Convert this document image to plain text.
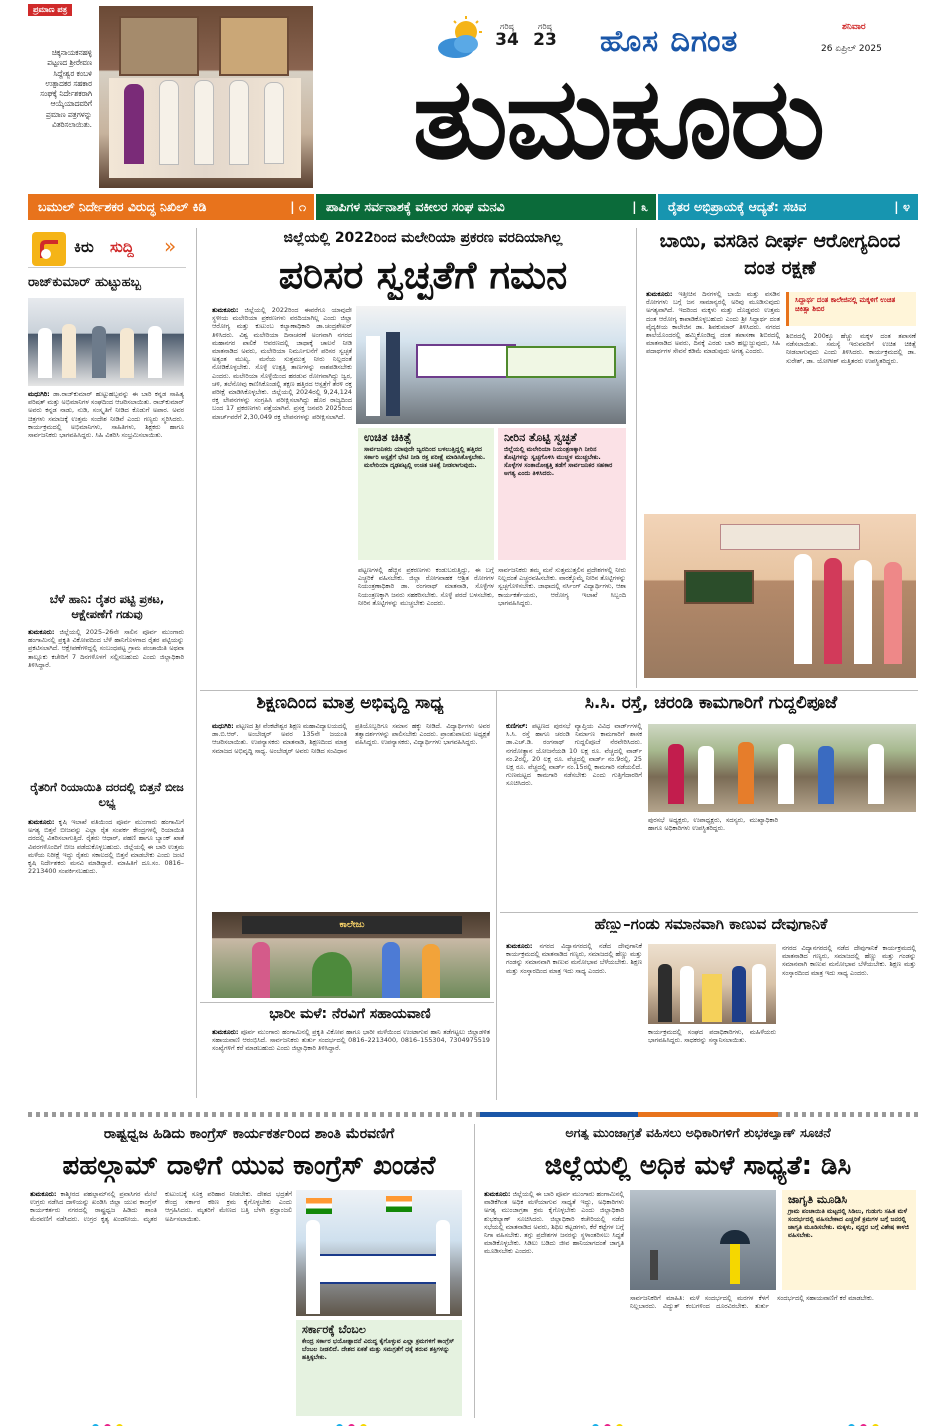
ಪ್ರಮಾಣ ಪತ್ರ
ಚಿಕ್ಕನಾಯಕನಹಳ್ಳಿ ಪಟ್ಟಣದ ಶ್ರೀರೇವಣ ಸಿದ್ದೇಶ್ವರ ಕಂಬಳಿ ಉತ್ಪಾದಕರ ಸಹಕಾರ ಸಂಘಕ್ಕೆ ನಿರ್ದೇಶಕರಾಗಿ ಆಯ್ಕೆಯಾದವರಿಗೆ ಪ್ರಮಾಣ ಪತ್ರಗಳನ್ನು ವಿತರಿಸಲಾಯಿತು.
ಗರಿಷ್ಠ
34
ಗರಿಷ್ಠ
23 ಹೊಸ ದಿಗಂತ	ಶನಿವಾರ
26 ಏಪ್ರಿಲ್ 2025
ತುಮಕೂರು
ಬಮುಲ್ ನಿರ್ದೇಶಕರ ವಿರುದ್ಧ ನಿಖಿಲ್ ಕಿಡಿ	| ೧	ಪಾಪಿಗಳ ಸರ್ವನಾಶಕ್ಕೆ ವಕೀಲರ ಸಂಘ ಮನವಿ	| ೩	ರೈತರ ಅಭಿಪ್ರಾಯಕ್ಕೆ ಆದ್ಯತೆ: ಸಚಿವ	| ೪
ಕಿರು ಸುದ್ದಿ »
ರಾಜ್‌ಕುಮಾರ್ ಹುಟ್ಟುಹಬ್ಬ
ಮಧುಗಿರಿ: ಡಾ.ರಾಜ್‌ಕುಮಾರ್ ಹುಟ್ಟುಹಬ್ಬವನ್ನು ಈ ಬಾರಿ ಕನ್ನಡ ಸಾಹಿತ್ಯ ಪರಿಷತ್ ಮತ್ತು ಅಭಿಮಾನಿಗಳ ಸಂಘದಿಂದ ಆಚರಿಸಲಾಯಿತು. ರಾಜ್‌ಕುಮಾರ್ ಅವರು ಕನ್ನಡ ನಾಡು, ನುಡಿ, ಸಂಸ್ಕೃತಿಗೆ ನೀಡಿದ ಕೊಡುಗೆ ಅಪಾರ. ಅವರ ಚಿತ್ರಗಳು ಸಮಾಜಕ್ಕೆ ಉತ್ತಮ ಸಂದೇಶ ನೀಡಿವೆ ಎಂದು ಗಣ್ಯರು ಸ್ಮರಿಸಿದರು. ಕಾರ್ಯಕ್ರಮದಲ್ಲಿ ಅಭಿಮಾನಿಗಳು, ಸಾಹಿತಿಗಳು, ಶಿಕ್ಷಕರು ಹಾಗೂ ಸಾರ್ವಜನಿಕರು ಭಾಗವಹಿಸಿದ್ದರು. ಸಿಹಿ ವಿತರಿಸಿ ಸಂಭ್ರಮಿಸಲಾಯಿತು.
ಬೆಳೆ ಹಾನಿ: ರೈತರ ಪಟ್ಟಿ ಪ್ರಕಟ, ಆಕ್ಷೇಪಣೆಗೆ ಗಡುವು
ತುಮಕೂರು: ಜಿಲ್ಲೆಯಲ್ಲಿ 2025–26ನೇ ಸಾಲಿನ ಪೂರ್ವ ಮುಂಗಾರು ಹಂಗಾಮಿನಲ್ಲಿ ಪ್ರಕೃತಿ ವಿಕೋಪದಿಂದ ಬೆಳೆ ಹಾನಿಗೊಳಗಾದ ರೈತರ ಪಟ್ಟಿಯನ್ನು ಪ್ರಕಟಿಸಲಾಗಿದೆ. ಆಕ್ಷೇಪಣೆಗಳಿದ್ದಲ್ಲಿ ಸಂಬಂಧಪಟ್ಟ ಗ್ರಾಮ ಪಂಚಾಯಿತಿ ಅಥವಾ ತಾಲ್ಲೂಕು ಕಚೇರಿಗೆ 7 ದಿನಗಳೊಳಗೆ ಸಲ್ಲಿಸಬಹುದು ಎಂದು ಜಿಲ್ಲಾಧಿಕಾರಿ ತಿಳಿಸಿದ್ದಾರೆ.
ರೈತರಿಗೆ ರಿಯಾಯಿತಿ ದರದಲ್ಲಿ ಬಿತ್ತನೆ ಬೀಜ ಲಭ್ಯ
ತುಮಕೂರು: ಕೃಷಿ ಇಲಾಖೆ ವತಿಯಿಂದ ಪೂರ್ವ ಮುಂಗಾರು ಹಂಗಾಮಿಗೆ ಅಗತ್ಯ ಬಿತ್ತನೆ ಬೀಜವನ್ನು ಎಲ್ಲಾ ರೈತ ಸಂಪರ್ಕ ಕೇಂದ್ರಗಳಲ್ಲಿ ರಿಯಾಯಿತಿ ದರದಲ್ಲಿ ವಿತರಿಸಲಾಗುತ್ತಿದೆ. ರೈತರು ಆಧಾರ್, ಪಹಣಿ ಹಾಗೂ ಬ್ಯಾಂಕ್ ಖಾತೆ ವಿವರಗಳೊಂದಿಗೆ ಬೀಜ ಪಡೆದುಕೊಳ್ಳಬಹುದು. ಜಿಲ್ಲೆಯಲ್ಲಿ ಈ ಬಾರಿ ಉತ್ತಮ ಮಳೆಯ ನಿರೀಕ್ಷೆ ಇದ್ದು ರೈತರು ಸಕಾಲದಲ್ಲಿ ಬಿತ್ತನೆ ಮಾಡಬೇಕು ಎಂದು ಜಂಟಿ ಕೃಷಿ ನಿರ್ದೇಶಕರು ಮನವಿ ಮಾಡಿದ್ದಾರೆ. ಮಾಹಿತಿಗೆ ದೂ.ಸಂ. 0816–2213400 ಸಂಪರ್ಕಿಸಬಹುದು.
ಜಿಲ್ಲೆಯಲ್ಲಿ 2022ರಿಂದ ಮಲೇರಿಯಾ ಪ್ರಕರಣ ವರದಿಯಾಗಿಲ್ಲ
ಪರಿಸರ ಸ್ವಚ್ಛತೆಗೆ ಗಮನ
ತುಮಕೂರು: ಜಿಲ್ಲೆಯಲ್ಲಿ 2022ರಿಂದ ಈವರೆಗೂ ಯಾವುದೇ ಸ್ಥಳೀಯ ಮಲೇರಿಯಾ ಪ್ರಕರಣಗಳು ವರದಿಯಾಗಿಲ್ಲ ಎಂದು ಜಿಲ್ಲಾ ಆರೋಗ್ಯ ಮತ್ತು ಕುಟುಂಬ ಕಲ್ಯಾಣಾಧಿಕಾರಿ ಡಾ.ಚಂದ್ರಶೇಖರ್ ತಿಳಿಸಿದರು. ವಿಶ್ವ ಮಲೇರಿಯಾ ದಿನಾಚರಣೆ ಅಂಗವಾಗಿ ನಗರದ ಮಹಾನಗರ ಪಾಲಿಕೆ ಆವರಣದಲ್ಲಿ ಜಾಥಾಕ್ಕೆ ಚಾಲನೆ ನೀಡಿ ಮಾತನಾಡಿದ ಅವರು, ಮಲೇರಿಯಾ ನಿರ್ಮೂಲನೆಗೆ ಪರಿಸರ ಸ್ವಚ್ಛತೆ ಅತ್ಯಂತ ಮುಖ್ಯ. ಮನೆಯ ಸುತ್ತಮುತ್ತ ನೀರು ನಿಲ್ಲದಂತೆ ನೋಡಿಕೊಳ್ಳಬೇಕು. ಸೊಳ್ಳೆ ಉತ್ಪತ್ತಿ ತಾಣಗಳನ್ನು ನಾಶಪಡಿಸಬೇಕು ಎಂದರು. ಮಲೇರಿಯಾ ಸೊಳ್ಳೆಯಿಂದ ಹರಡುವ ರೋಗವಾಗಿದ್ದು ಜ್ವರ, ಚಳಿ, ತಲೆನೋವು ಕಾಣಿಸಿಕೊಂಡಲ್ಲಿ ತಕ್ಷಣ ಹತ್ತಿರದ ಆಸ್ಪತ್ರೆಗೆ ತೆರಳಿ ರಕ್ತ ಪರೀಕ್ಷೆ ಮಾಡಿಸಿಕೊಳ್ಳಬೇಕು. ಜಿಲ್ಲೆಯಲ್ಲಿ 2024ರಲ್ಲಿ 9,24,124 ರಕ್ತ ಲೇಪನಗಳನ್ನು ಸಂಗ್ರಹಿಸಿ ಪರೀಕ್ಷಿಸಲಾಗಿದ್ದು ಹೊರ ರಾಜ್ಯದಿಂದ ಬಂದ 17 ಪ್ರಕರಣಗಳು ಪತ್ತೆಯಾಗಿವೆ. ಪ್ರಸಕ್ತ ಜನವರಿ 2025ರಿಂದ ಮಾರ್ಚ್‌ವರೆಗೆ 2,30,049 ರಕ್ತ ಲೇಪನಗಳನ್ನು ಪರೀಕ್ಷಿಸಲಾಗಿದೆ.
ಉಚಿತ ಚಿಕಿತ್ಸೆ
ಸಾರ್ವಜನಿಕರು ಯಾವುದೇ ಜ್ವರದಿಂದ ಬಳಲುತ್ತಿದ್ದಲ್ಲಿ ಹತ್ತಿರದ ಸರ್ಕಾರಿ ಆಸ್ಪತ್ರೆಗೆ ಭೇಟಿ ನೀಡಿ ರಕ್ತ ಪರೀಕ್ಷೆ ಮಾಡಿಸಿಕೊಳ್ಳಬೇಕು. ಮಲೇರಿಯಾ ದೃಢಪಟ್ಟಲ್ಲಿ ಉಚಿತ ಚಿಕಿತ್ಸೆ ನೀಡಲಾಗುವುದು.
ನೀರಿನ ತೊಟ್ಟಿ ಸ್ವಚ್ಛತೆ
ಜಿಲ್ಲೆಯಲ್ಲಿ ಮಲೇರಿಯಾ ನಿಯಂತ್ರಣಕ್ಕಾಗಿ ನೀರಿನ ತೊಟ್ಟಿಗಳನ್ನು ಸ್ವಚ್ಛಗೊಳಿಸಿ ಮುಚ್ಚಳ ಮುಚ್ಚಬೇಕು. ಸೊಳ್ಳೆಗಳ ಸಂತಾನೋತ್ಪತ್ತಿ ತಡೆಗೆ ಸಾರ್ವಜನಿಕರ ಸಹಕಾರ ಅಗತ್ಯ ಎಂದು ತಿಳಿಸಿದರು.
ಪಟ್ಟಣಗಳಲ್ಲಿ ಹೆಚ್ಚಿನ ಪ್ರಕರಣಗಳು ಕಂಡುಬರುತ್ತಿದ್ದು, ಈ ಬಗ್ಗೆ ಎಚ್ಚರಿಕೆ ವಹಿಸಬೇಕು. ಜಿಲ್ಲಾ ರೋಗವಾಹಕ ಆಶ್ರಿತ ರೋಗಗಳ ನಿಯಂತ್ರಣಾಧಿಕಾರಿ ಡಾ. ರಂಗನಾಥ್ ಮಾತನಾಡಿ, ಸೊಳ್ಳೆಗಳ ನಿಯಂತ್ರಣಕ್ಕಾಗಿ ಜನರು ಸಹಕರಿಸಬೇಕು. ಸೊಳ್ಳೆ ಪರದೆ ಬಳಸಬೇಕು, ನೀರಿನ ತೊಟ್ಟಿಗಳನ್ನು ಮುಚ್ಚಬೇಕು ಎಂದರು.
ಸಾರ್ವಜನಿಕರು ತಮ್ಮ ಮನೆ ಸುತ್ತಮುತ್ತಲಿನ ಪ್ರದೇಶಗಳಲ್ಲಿ ನೀರು ನಿಲ್ಲದಂತೆ ಎಚ್ಚರವಹಿಸಬೇಕು. ವಾರಕ್ಕೊಮ್ಮೆ ನೀರಿನ ತೊಟ್ಟಿಗಳನ್ನು ಸ್ವಚ್ಛಗೊಳಿಸಬೇಕು. ಜಾಥಾದಲ್ಲಿ ನರ್ಸಿಂಗ್ ವಿದ್ಯಾರ್ಥಿಗಳು, ಆಶಾ ಕಾರ್ಯಕರ್ತೆಯರು, ಆರೋಗ್ಯ ಇಲಾಖೆ ಸಿಬ್ಬಂದಿ ಭಾಗವಹಿಸಿದ್ದರು.
ಬಾಯಿ, ವಸಡಿನ ದೀರ್ಘ ಆರೋಗ್ಯದಿಂದ ದಂತ ರಕ್ಷಣೆ
ತುಮಕೂರು: ಇತ್ತೀಚಿನ ದಿನಗಳಲ್ಲಿ ಬಾಯಿ ಮತ್ತು ವಸಡಿನ ರೋಗಗಳು ಬಗ್ಗೆ ಜನ ಸಾಮಾನ್ಯರಲ್ಲಿ ಅರಿವು ಮೂಡಿಸುವುದು ಅಗತ್ಯವಾಗಿದೆ. ಇದರಿಂದ ಮಕ್ಕಳು ಮತ್ತು ದೊಡ್ಡವರು ಉತ್ತಮ ದಂತ ಆರೋಗ್ಯ ಕಾಪಾಡಿಕೊಳ್ಳಬಹುದು ಎಂದು ಶ್ರೀ ಸಿದ್ಧಾರ್ಥ ದಂತ ವೈದ್ಯಕೀಯ ಕಾಲೇಜಿನ ಡಾ. ಶಿವಕುಮಾರ್ ತಿಳಿಸಿದರು. ನಗರದ ಶಾಲೆಯೊಂದರಲ್ಲಿ ಹಮ್ಮಿಕೊಂಡಿದ್ದ ದಂತ ತಪಾಸಣಾ ಶಿಬಿರದಲ್ಲಿ ಮಾತನಾಡಿದ ಅವರು, ದಿನಕ್ಕೆ ಎರಡು ಬಾರಿ ಹಲ್ಲುಜ್ಜುವುದು, ಸಿಹಿ ಪದಾರ್ಥಗಳ ಸೇವನೆ ಕಡಿಮೆ ಮಾಡುವುದು ಅಗತ್ಯ ಎಂದರು.
ಸಿದ್ದಾರ್ಥ ದಂತ ಕಾಲೇಜಿನಲ್ಲಿ ಮಕ್ಕಳಿಗೆ ಉಚಿತ ಚಿಕಿತ್ಸಾ ಶಿಬಿರ
ಶಿಬಿರದಲ್ಲಿ 200ಕ್ಕೂ ಹೆಚ್ಚು ಮಕ್ಕಳ ದಂತ ತಪಾಸಣೆ ನಡೆಸಲಾಯಿತು. ಸಮಸ್ಯೆ ಇರುವವರಿಗೆ ಉಚಿತ ಚಿಕಿತ್ಸೆ ನೀಡಲಾಗುವುದು ಎಂದು ತಿಳಿಸಿದರು. ಕಾರ್ಯಕ್ರಮದಲ್ಲಿ ಡಾ. ಸುರೇಶ್, ಡಾ. ಯೋಗೀಶ್ ಮತ್ತಿತರರು ಉಪಸ್ಥಿತರಿದ್ದರು.
ಶಿಕ್ಷಣದಿಂದ ಮಾತ್ರ ಅಭಿವೃದ್ಧಿ ಸಾಧ್ಯ
ಮಧುಗಿರಿ: ಪಟ್ಟಣದ ಶ್ರೀ ವೆಂಕಟೇಶ್ವರ ಶಿಕ್ಷಣ ಮಹಾವಿದ್ಯಾಲಯದಲ್ಲಿ ಡಾ.ಬಿ.ಆರ್. ಅಂಬೇಡ್ಕರ್ ಅವರ 135ನೇ ಜಯಂತಿ ಆಚರಿಸಲಾಯಿತು. ಉಪನ್ಯಾಸಕರು ಮಾತನಾಡಿ, ಶಿಕ್ಷಣದಿಂದ ಮಾತ್ರ ಸಮಾಜದ ಅಭಿವೃದ್ಧಿ ಸಾಧ್ಯ. ಅಂಬೇಡ್ಕರ್ ಅವರು ನೀಡಿದ ಸಂವಿಧಾನ ಪ್ರತಿಯೊಬ್ಬರಿಗೂ ಸಮಾನ ಹಕ್ಕು ನೀಡಿದೆ. ವಿದ್ಯಾರ್ಥಿಗಳು ಅವರ ತತ್ವಾದರ್ಶಗಳನ್ನು ಪಾಲಿಸಬೇಕು ಎಂದರು. ಪ್ರಾಂಶುಪಾಲರು ಅಧ್ಯಕ್ಷತೆ ವಹಿಸಿದ್ದರು. ಉಪನ್ಯಾಸಕರು, ವಿದ್ಯಾರ್ಥಿಗಳು ಭಾಗವಹಿಸಿದ್ದರು.
ಕಾಲೇಜು
ಭಾರೀ ಮಳೆ: ನೆರವಿಗೆ ಸಹಾಯವಾಣಿ
ತುಮಕೂರು: ಪೂರ್ವ ಮುಂಗಾರು ಹಂಗಾಮಿನಲ್ಲಿ ಪ್ರಕೃತಿ ವಿಕೋಪ ಹಾಗೂ ಭಾರೀ ಮಳೆಯಿಂದ ಉಂಟಾಗುವ ಹಾನಿ ತಡೆಗಟ್ಟಲು ಜಿಲ್ಲಾಡಳಿತ ಸಹಾಯವಾಣಿ ಆರಂಭಿಸಿದೆ. ಸಾರ್ವಜನಿಕರು ತುರ್ತು ಸಂದರ್ಭದಲ್ಲಿ 0816–2213400, 0816–155304, 7304975519 ಸಂಖ್ಯೆಗಳಿಗೆ ಕರೆ ಮಾಡಬಹುದು ಎಂದು ಜಿಲ್ಲಾಧಿಕಾರಿ ತಿಳಿಸಿದ್ದಾರೆ.
ಸಿ.ಸಿ. ರಸ್ತೆ, ಚರಂಡಿ ಕಾಮಗಾರಿಗೆ ಗುದ್ದಲಿಪೂಜೆ
ಕುಣಿಗಲ್: ಪಟ್ಟಣದ ಪುರಸಭೆ ವ್ಯಾಪ್ತಿಯ ವಿವಿಧ ವಾರ್ಡ್‌ಗಳಲ್ಲಿ ಸಿ.ಸಿ. ರಸ್ತೆ ಹಾಗೂ ಚರಂಡಿ ನಿರ್ಮಾಣ ಕಾಮಗಾರಿಗೆ ಶಾಸಕ ಡಾ.ಎಚ್.ಡಿ. ರಂಗನಾಥ್ ಗುದ್ದಲಿಪೂಜೆ ನೆರವೇರಿಸಿದರು. ನಗರೋತ್ಥಾನ ಯೋಜನೆಯಡಿ 10 ಲಕ್ಷ ರೂ. ವೆಚ್ಚದಲ್ಲಿ ವಾರ್ಡ್ ನಂ.2ರಲ್ಲಿ, 20 ಲಕ್ಷ ರೂ. ವೆಚ್ಚದಲ್ಲಿ ವಾರ್ಡ್ ನಂ.9ರಲ್ಲಿ, 25 ಲಕ್ಷ ರೂ. ವೆಚ್ಚದಲ್ಲಿ ವಾರ್ಡ್ ನಂ.15ರಲ್ಲಿ ಕಾಮಗಾರಿ ನಡೆಯಲಿದೆ. ಗುಣಮಟ್ಟದ ಕಾಮಗಾರಿ ನಡೆಸಬೇಕು ಎಂದು ಗುತ್ತಿಗೆದಾರರಿಗೆ ಸೂಚಿಸಿದರು.
ಪುರಸಭೆ ಅಧ್ಯಕ್ಷರು, ಉಪಾಧ್ಯಕ್ಷರು, ಸದಸ್ಯರು, ಮುಖ್ಯಾಧಿಕಾರಿ ಹಾಗೂ ಅಧಿಕಾರಿಗಳು ಉಪಸ್ಥಿತರಿದ್ದರು.
ಹೆಣ್ಣು–ಗಂಡು ಸಮಾನವಾಗಿ ಕಾಣುವ ದೇವುಗಾನಿಕೆ
ತುಮಕೂರು: ನಗರದ ವಿದ್ಯಾನಗರದಲ್ಲಿ ನಡೆದ ದೇವುಗಾನಿಕೆ ಕಾರ್ಯಕ್ರಮದಲ್ಲಿ ಮಾತನಾಡಿದ ಗಣ್ಯರು, ಸಮಾಜದಲ್ಲಿ ಹೆಣ್ಣು ಮತ್ತು ಗಂಡನ್ನು ಸಮಾನವಾಗಿ ಕಾಣುವ ಮನೋಭಾವ ಬೆಳೆಯಬೇಕು. ಶಿಕ್ಷಣ ಮತ್ತು ಸಂಸ್ಕಾರದಿಂದ ಮಾತ್ರ ಇದು ಸಾಧ್ಯ ಎಂದರು.
ಕಾರ್ಯಕ್ರಮದಲ್ಲಿ ಸಂಘದ ಪದಾಧಿಕಾರಿಗಳು, ಮಹಿಳೆಯರು ಭಾಗವಹಿಸಿದ್ದರು. ಸಾಧಕರನ್ನು ಸನ್ಮಾನಿಸಲಾಯಿತು.
ನಗರದ ವಿದ್ಯಾನಗರದಲ್ಲಿ ನಡೆದ ದೇವುಗಾನಿಕೆ ಕಾರ್ಯಕ್ರಮದಲ್ಲಿ ಮಾತನಾಡಿದ ಗಣ್ಯರು, ಸಮಾಜದಲ್ಲಿ ಹೆಣ್ಣು ಮತ್ತು ಗಂಡನ್ನು ಸಮಾನವಾಗಿ ಕಾಣುವ ಮನೋಭಾವ ಬೆಳೆಯಬೇಕು. ಶಿಕ್ಷಣ ಮತ್ತು ಸಂಸ್ಕಾರದಿಂದ ಮಾತ್ರ ಇದು ಸಾಧ್ಯ ಎಂದರು.
ರಾಷ್ಟ್ರಧ್ವಜ ಹಿಡಿದು ಕಾಂಗ್ರೆಸ್ ಕಾರ್ಯಕರ್ತರಿಂದ ಶಾಂತಿ ಮೆರವಣಿಗೆ
ಪಹಲ್ಗಾಮ್ ದಾಳಿಗೆ ಯುವ ಕಾಂಗ್ರೆಸ್ ಖಂಡನೆ
ತುಮಕೂರು: ಕಾಶ್ಮೀರದ ಪಹಲ್ಗಾಮ್‌ನಲ್ಲಿ ಪ್ರವಾಸಿಗರ ಮೇಲೆ ಉಗ್ರರು ನಡೆಸಿದ ದಾಳಿಯನ್ನು ಖಂಡಿಸಿ ಜಿಲ್ಲಾ ಯುವ ಕಾಂಗ್ರೆಸ್ ಕಾರ್ಯಕರ್ತರು ನಗರದಲ್ಲಿ ರಾಷ್ಟ್ರಧ್ವಜ ಹಿಡಿದು ಶಾಂತಿ ಮೆರವಣಿಗೆ ನಡೆಸಿದರು. ಉಗ್ರರ ಕೃತ್ಯ ಖಂಡನೀಯ. ಮೃತರ ಕುಟುಂಬಕ್ಕೆ ಸೂಕ್ತ ಪರಿಹಾರ ನೀಡಬೇಕು. ದೇಶದ ಭದ್ರತೆಗೆ ಕೇಂದ್ರ ಸರ್ಕಾರ ಕಠಿಣ ಕ್ರಮ ಕೈಗೊಳ್ಳಬೇಕು ಎಂದು ಆಗ್ರಹಿಸಿದರು. ಮೃತರಿಗೆ ಮೇಣದ ಬತ್ತಿ ಬೆಳಗಿ ಶ್ರದ್ಧಾಂಜಲಿ ಅರ್ಪಿಸಲಾಯಿತು.
ಸರ್ಕಾರಕ್ಕೆ ಬೆಂಬಲ
ಕೇಂದ್ರ ಸರ್ಕಾರ ಭಯೋತ್ಪಾದನೆ ವಿರುದ್ಧ ಕೈಗೊಳ್ಳುವ ಎಲ್ಲಾ ಕ್ರಮಗಳಿಗೆ ಕಾಂಗ್ರೆಸ್ ಬೆಂಬಲ ನೀಡಲಿದೆ. ದೇಶದ ಏಕತೆ ಮತ್ತು ಸಮಗ್ರತೆಗೆ ಧಕ್ಕೆ ತರುವ ಶಕ್ತಿಗಳನ್ನು ಹತ್ತಿಕ್ಕಬೇಕು.
ಅಗತ್ಯ ಮುಂಜಾಗ್ರತೆ ವಹಿಸಲು ಅಧಿಕಾರಿಗಳಿಗೆ ಶುಭಕಲ್ಯಾಣ್ ಸೂಚನೆ
ಜಿಲ್ಲೆಯಲ್ಲಿ ಅಧಿಕ ಮಳೆ ಸಾಧ್ಯತೆ: ಡಿಸಿ
ತುಮಕೂರು: ಜಿಲ್ಲೆಯಲ್ಲಿ ಈ ಬಾರಿ ಪೂರ್ವ ಮುಂಗಾರು ಹಂಗಾಮಿನಲ್ಲಿ ವಾಡಿಕೆಗಿಂತ ಅಧಿಕ ಮಳೆಯಾಗುವ ಸಾಧ್ಯತೆ ಇದ್ದು, ಅಧಿಕಾರಿಗಳು ಅಗತ್ಯ ಮುಂಜಾಗ್ರತಾ ಕ್ರಮ ಕೈಗೊಳ್ಳಬೇಕು ಎಂದು ಜಿಲ್ಲಾಧಿಕಾರಿ ಶುಭಕಲ್ಯಾಣ್ ಸೂಚಿಸಿದರು. ಜಿಲ್ಲಾಧಿಕಾರಿ ಕಚೇರಿಯಲ್ಲಿ ನಡೆದ ಸಭೆಯಲ್ಲಿ ಮಾತನಾಡಿದ ಅವರು, ಶಿಥಿಲ ಕಟ್ಟಡಗಳು, ಕೆರೆ ಕಟ್ಟೆಗಳ ಬಗ್ಗೆ ನಿಗಾ ವಹಿಸಬೇಕು. ತಗ್ಗು ಪ್ರದೇಶಗಳ ಜನರನ್ನು ಸ್ಥಳಾಂತರಿಸಲು ಸಿದ್ಧತೆ ಮಾಡಿಕೊಳ್ಳಬೇಕು. ಸಿಡಿಲು ಬಡಿದು ಜೀವ ಹಾನಿಯಾಗದಂತೆ ಜಾಗೃತಿ ಮೂಡಿಸಬೇಕು ಎಂದರು.
ಜಾಗೃತಿ ಮೂಡಿಸಿ
ಗ್ರಾಮ ಪಂಚಾಯಿತಿ ಮಟ್ಟದಲ್ಲಿ ಸಿಡಿಲು, ಗುಡುಗು ಸಹಿತ ಮಳೆ ಸಂದರ್ಭದಲ್ಲಿ ವಹಿಸಬೇಕಾದ ಎಚ್ಚರಿಕೆ ಕ್ರಮಗಳ ಬಗ್ಗೆ ಜನರಲ್ಲಿ ಜಾಗೃತಿ ಮೂಡಿಸಬೇಕು. ಮಕ್ಕಳು, ವೃದ್ಧರ ಬಗ್ಗೆ ವಿಶೇಷ ಕಾಳಜಿ ವಹಿಸಬೇಕು.
ಸಾರ್ವಜನಿಕರಿಗೆ ಮಾಹಿತಿ: ಮಳೆ ಸಂದರ್ಭದಲ್ಲಿ ಮರಗಳ ಕೆಳಗೆ ನಿಲ್ಲಬಾರದು. ವಿದ್ಯುತ್ ಕಂಬಗಳಿಂದ ದೂರವಿರಬೇಕು. ತುರ್ತು ಸಂದರ್ಭದಲ್ಲಿ ಸಹಾಯವಾಣಿಗೆ ಕರೆ ಮಾಡಬೇಕು.
